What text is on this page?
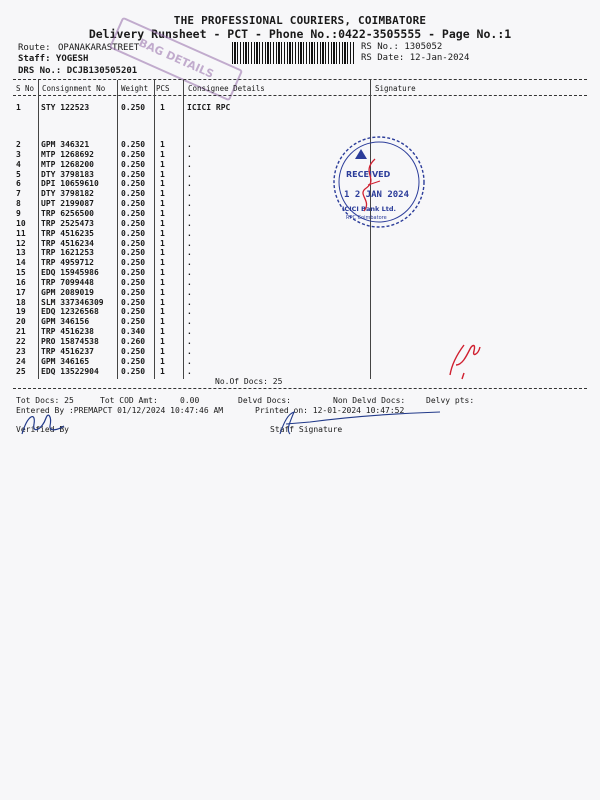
THE PROFESSIONAL COURIERS, COIMBATORE
Delivery Runsheet - PCT - Phone No.:0422-3505555 - Page No.:1
Route: OPANAKARASTREET
Staff: YOGESH
DRS No.: DCJB130505201
RS No.: 1305052
RS Date: 12-Jan-2024
BAG DETAILS
S No Consignment No Weight PCS Consignee Details	Signature
1	STY 122523	0.250 1	ICICI RPC
2	GPM 346321	0.250 1	.
3	MTP 1268692	0.250 1	.
4	MTP 1268200	0.250 1	.
5	DTY 3798183	0.250 1	.
6	DPI 10659610	0.250 1	.
7	DTY 3798182	0.250 1	.
8	UPT 2199087	0.250 1	.
9	TRP 6256500	0.250 1	.
10 TRP 2525473	0.250 1	.
11 TRP 4516235	0.250 1	.
12 TRP 4516234	0.250 1	.
13 TRP 1621253	0.250 1	.
14 TRP 4959712	0.250 1	.
15 EDQ 15945986	0.250 1	.
16 TRP 7099448	0.250 1	.
17 GPM 2089019	0.250 1	.
18 SLM 337346309 0.250 1	.
19 EDQ 12326568	0.250 1	.
20 GPM 346156	0.250 1	.
21 TRP 4516238	0.340 1	.
22 PRO 15874538	0.260 1	.
23 TRP 4516237	0.250 1	.
24 GPM 346165	0.250 1	.
25 EDQ 13522904	0.250 1	.
No.Of Docs: 25
Tot Docs: 25	Tot COD Amt:	0.00	Delvd Docs:	Non Delvd Docs:	Delvy pts:
Entered By :PREMAPCT 01/12/2024 10:47:46 AM	Printed on: 12-01-2024 10:47:52
Verified By	Staff Signature
RECEIVED
1 2 JAN 2024
ICICI Bank Ltd.
RPC Coimbatore
